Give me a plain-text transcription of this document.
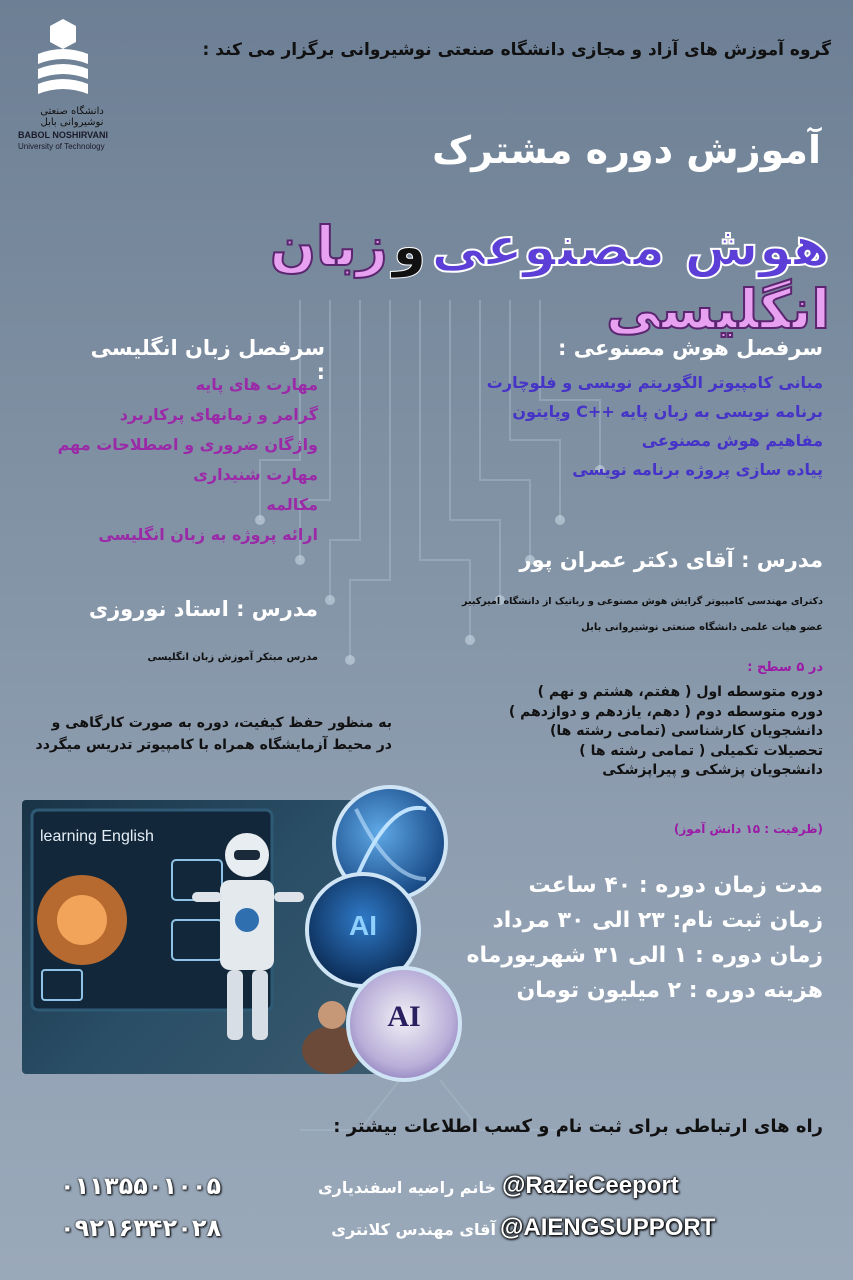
گروه آموزش های آزاد و مجازی دانشگاه صنعتی نوشیروانی برگزار می کند :
دانشگاه صنعتی نوشیروانی بابل
BABOL NOSHIRVANI
University of Technology	آموزش دوره مشترک
هوش مصنوعی و زبان انگلیسی
سرفصل هوش مصنوعی :
مبانی کامپیوتر الگوریتم نویسی و فلوچارت
برنامه نویسی به زبان پایه ++C وپایتون
مفاهیم هوش مصنوعی
پیاده سازی پروژه برنامه نویسی
مدرس : آقای دکتر عمران پور
دکترای مهندسی کامپیوتر گرایش هوش مصنوعی و رباتیک از دانشگاه امیرکبیر
عضو هیات علمی دانشگاه صنعتی نوشیروانی بابل
سرفصل زبان انگلیسی :
مهارت های پایه
گرامر و زمانهای پرکاربرد
واژگان ضروری و اصطلاحات مهم
مهارت شنیداری
مکالمه
ارائه پروژه به زبان انگلیسی
مدرس : استاد نوروزی
مدرس مبتکر آموزش زبان انگلیسی
به منظور حفظ کیفیت، دوره به صورت کارگاهی و
در محیط آزمایشگاه همراه با کامپیوتر تدریس میگردد
در ۵ سطح :
دوره متوسطه اول ( هفتم، هشتم و نهم )
دوره متوسطه دوم ( دهم، یازدهم و دوازدهم )
دانشجویان کارشناسی (تمامی رشته ها)
تحصیلات تکمیلی ( تمامی رشته ها )
دانشجویان پزشکی و پیراپزشکی
(ظرفیت : ۱۵ دانش آموز)
مدت زمان دوره : ۴۰ ساعت
زمان ثبت نام: ۲۳ الی ۳۰ مرداد
زمان دوره : ۱ الی ۳۱ شهریورماه
هزینه دوره : ۲ میلیون تومان
learning English
AI
AI
راه های ارتباطی برای ثبت نام و کسب اطلاعات بیشتر :
۰۱۱۳۵۵۰۱۰۰۵	خانم راضیه اسفندیاری @RazieCeeport
۰۹۲۱۶۳۴۲۰۲۸	آقای مهندس کلانتری @AIENGSUPPORT
